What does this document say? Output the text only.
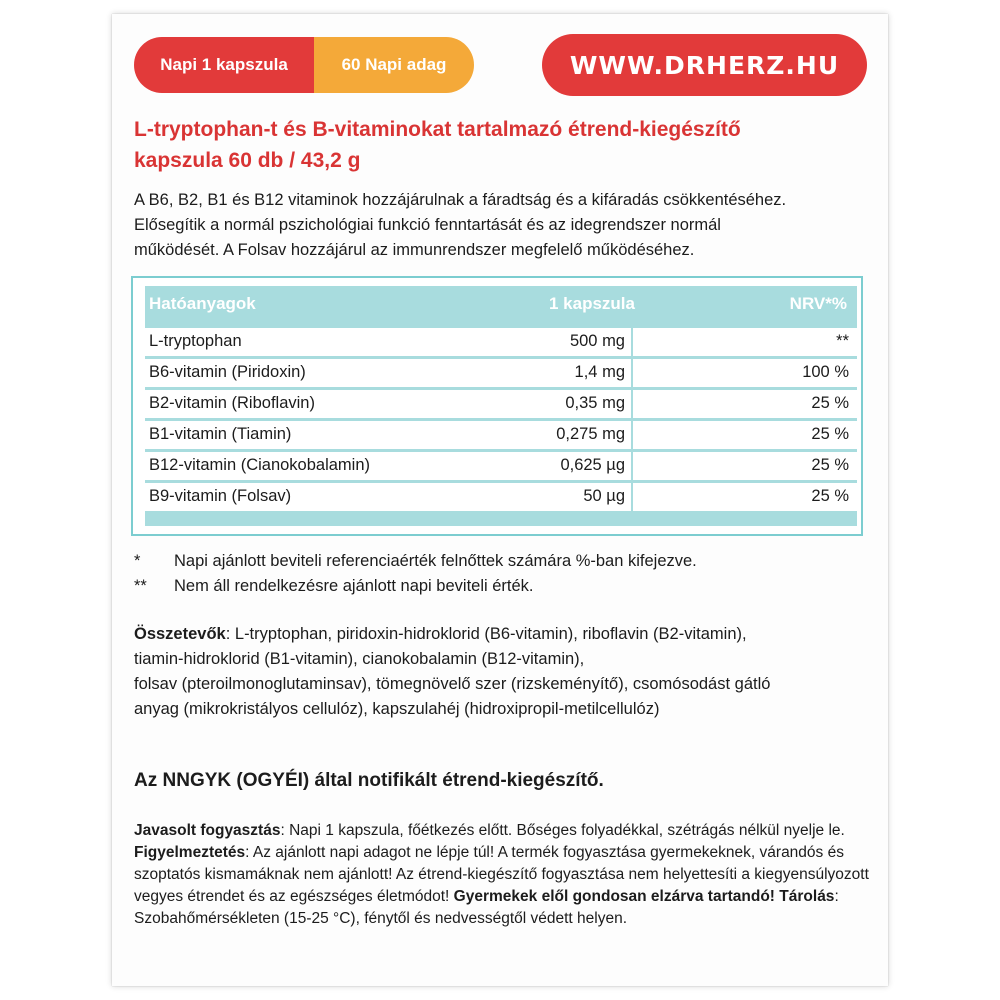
Napi 1 kapszula	60 Napi adag	WWW.DRHERZ.HU

L-tryptophan-t és B-vitaminokat tartalmazó étrend-kiegészítő
kapszula 60 db / 43,2 g

A B6, B2, B1 és B12 vitaminok hozzájárulnak a fáradtság és a kifáradás csökkentéséhez.
Elősegítik a normál pszichológiai funkció fenntartását és az idegrendszer normál
működését. A Folsav hozzájárul az immunrendszer megfelelő működéséhez.

Hatóanyagok	1 kapszula	NRV*%
L-tryptophan	500 mg	**
B6-vitamin (Piridoxin)	1,4 mg	100 %
B2-vitamin (Riboflavin)	0,35 mg	25 %
B1-vitamin (Tiamin)	0,275 mg	25 %
B12-vitamin (Cianokobalamin)	0,625 µg	25 %
B9-vitamin (Folsav)	50 µg	25 %
*	Napi ajánlott beviteli referenciaérték felnőttek számára %-ban kifejezve.
**	Nem áll rendelkezésre ajánlott napi beviteli érték.

Összetevők: L-tryptophan, piridoxin-hidroklorid (B6-vitamin), riboflavin (B2-vitamin),
tiamin-hidroklorid (B1-vitamin), cianokobalamin (B12-vitamin),
folsav (pteroilmonoglutaminsav), tömegnövelő szer (rizskeményítő), csomósodást gátló
anyag (mikrokristályos cellulóz), kapszulahéj (hidroxipropil-metilcellulóz)

Az NNGYK (OGYÉI) által notifikált étrend-kiegészítő.

Javasolt fogyasztás: Napi 1 kapszula, főétkezés előtt. Bőséges folyadékkal, szétrágás nélkül nyelje le. Figyelmeztetés: Az ajánlott napi adagot ne lépje túl! A termék fogyasztása gyermekeknek, várandós és szoptatós kismamáknak nem ajánlott! Az étrend-kiegészítő fogyasztása nem helyettesíti a kiegyensúlyozott vegyes étrendet és az egészséges életmódot! Gyermekek elől gondosan elzárva tartandó! Tárolás: Szobahőmérsékleten (15-25 °C), fénytől és nedvességtől védett helyen.
